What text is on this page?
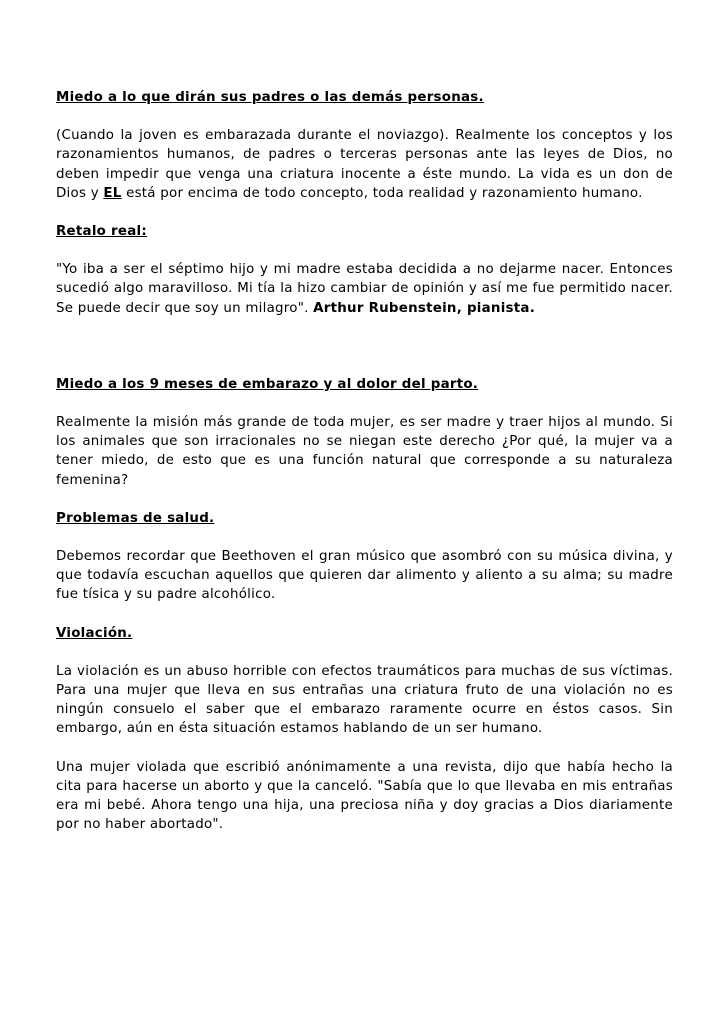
Miedo a lo que dirán sus padres o las demás personas.

(Cuando la joven es embarazada durante el noviazgo). Realmente los conceptos y los razonamientos humanos, de padres o terceras personas ante las leyes de Dios, no deben impedir que venga una criatura inocente a éste mundo. La vida es un don de Dios y EL está por encima de todo concepto, toda realidad y razonamiento humano.

Retalo real:

"Yo iba a ser el séptimo hijo y mi madre estaba decidida a no dejarme nacer. Entonces sucedió algo maravilloso. Mi tía la hizo cambiar de opinión y así me fue permitido nacer. Se puede decir que soy un milagro". Arthur Rubenstein, pianista.

Miedo a los 9 meses de embarazo y al dolor del parto.

Realmente la misión más grande de toda mujer, es ser madre y traer hijos al mundo. Si los animales que son irracionales no se niegan este derecho ¿Por qué, la mujer va a tener miedo, de esto que es una función natural que corresponde a su naturaleza femenina?

Problemas de salud.

Debemos recordar que Beethoven el gran músico que asombró con su música divina, y que todavía escuchan aquellos que quieren dar alimento y aliento a su alma; su madre fue tísica y su padre alcohólico.

Violación.

La violación es un abuso horrible con efectos traumáticos para muchas de sus víctimas. Para una mujer que lleva en sus entrañas una criatura fruto de una violación no es ningún consuelo el saber que el embarazo raramente ocurre en éstos casos. Sin embargo, aún en ésta situación estamos hablando de un ser humano.

Una mujer violada que escribió anónimamente a una revista, dijo que había hecho la cita para hacerse un aborto y que la canceló. "Sabía que lo que llevaba en mis entrañas era mi bebé. Ahora tengo una hija, una preciosa niña y doy gracias a Dios diariamente por no haber abortado".
